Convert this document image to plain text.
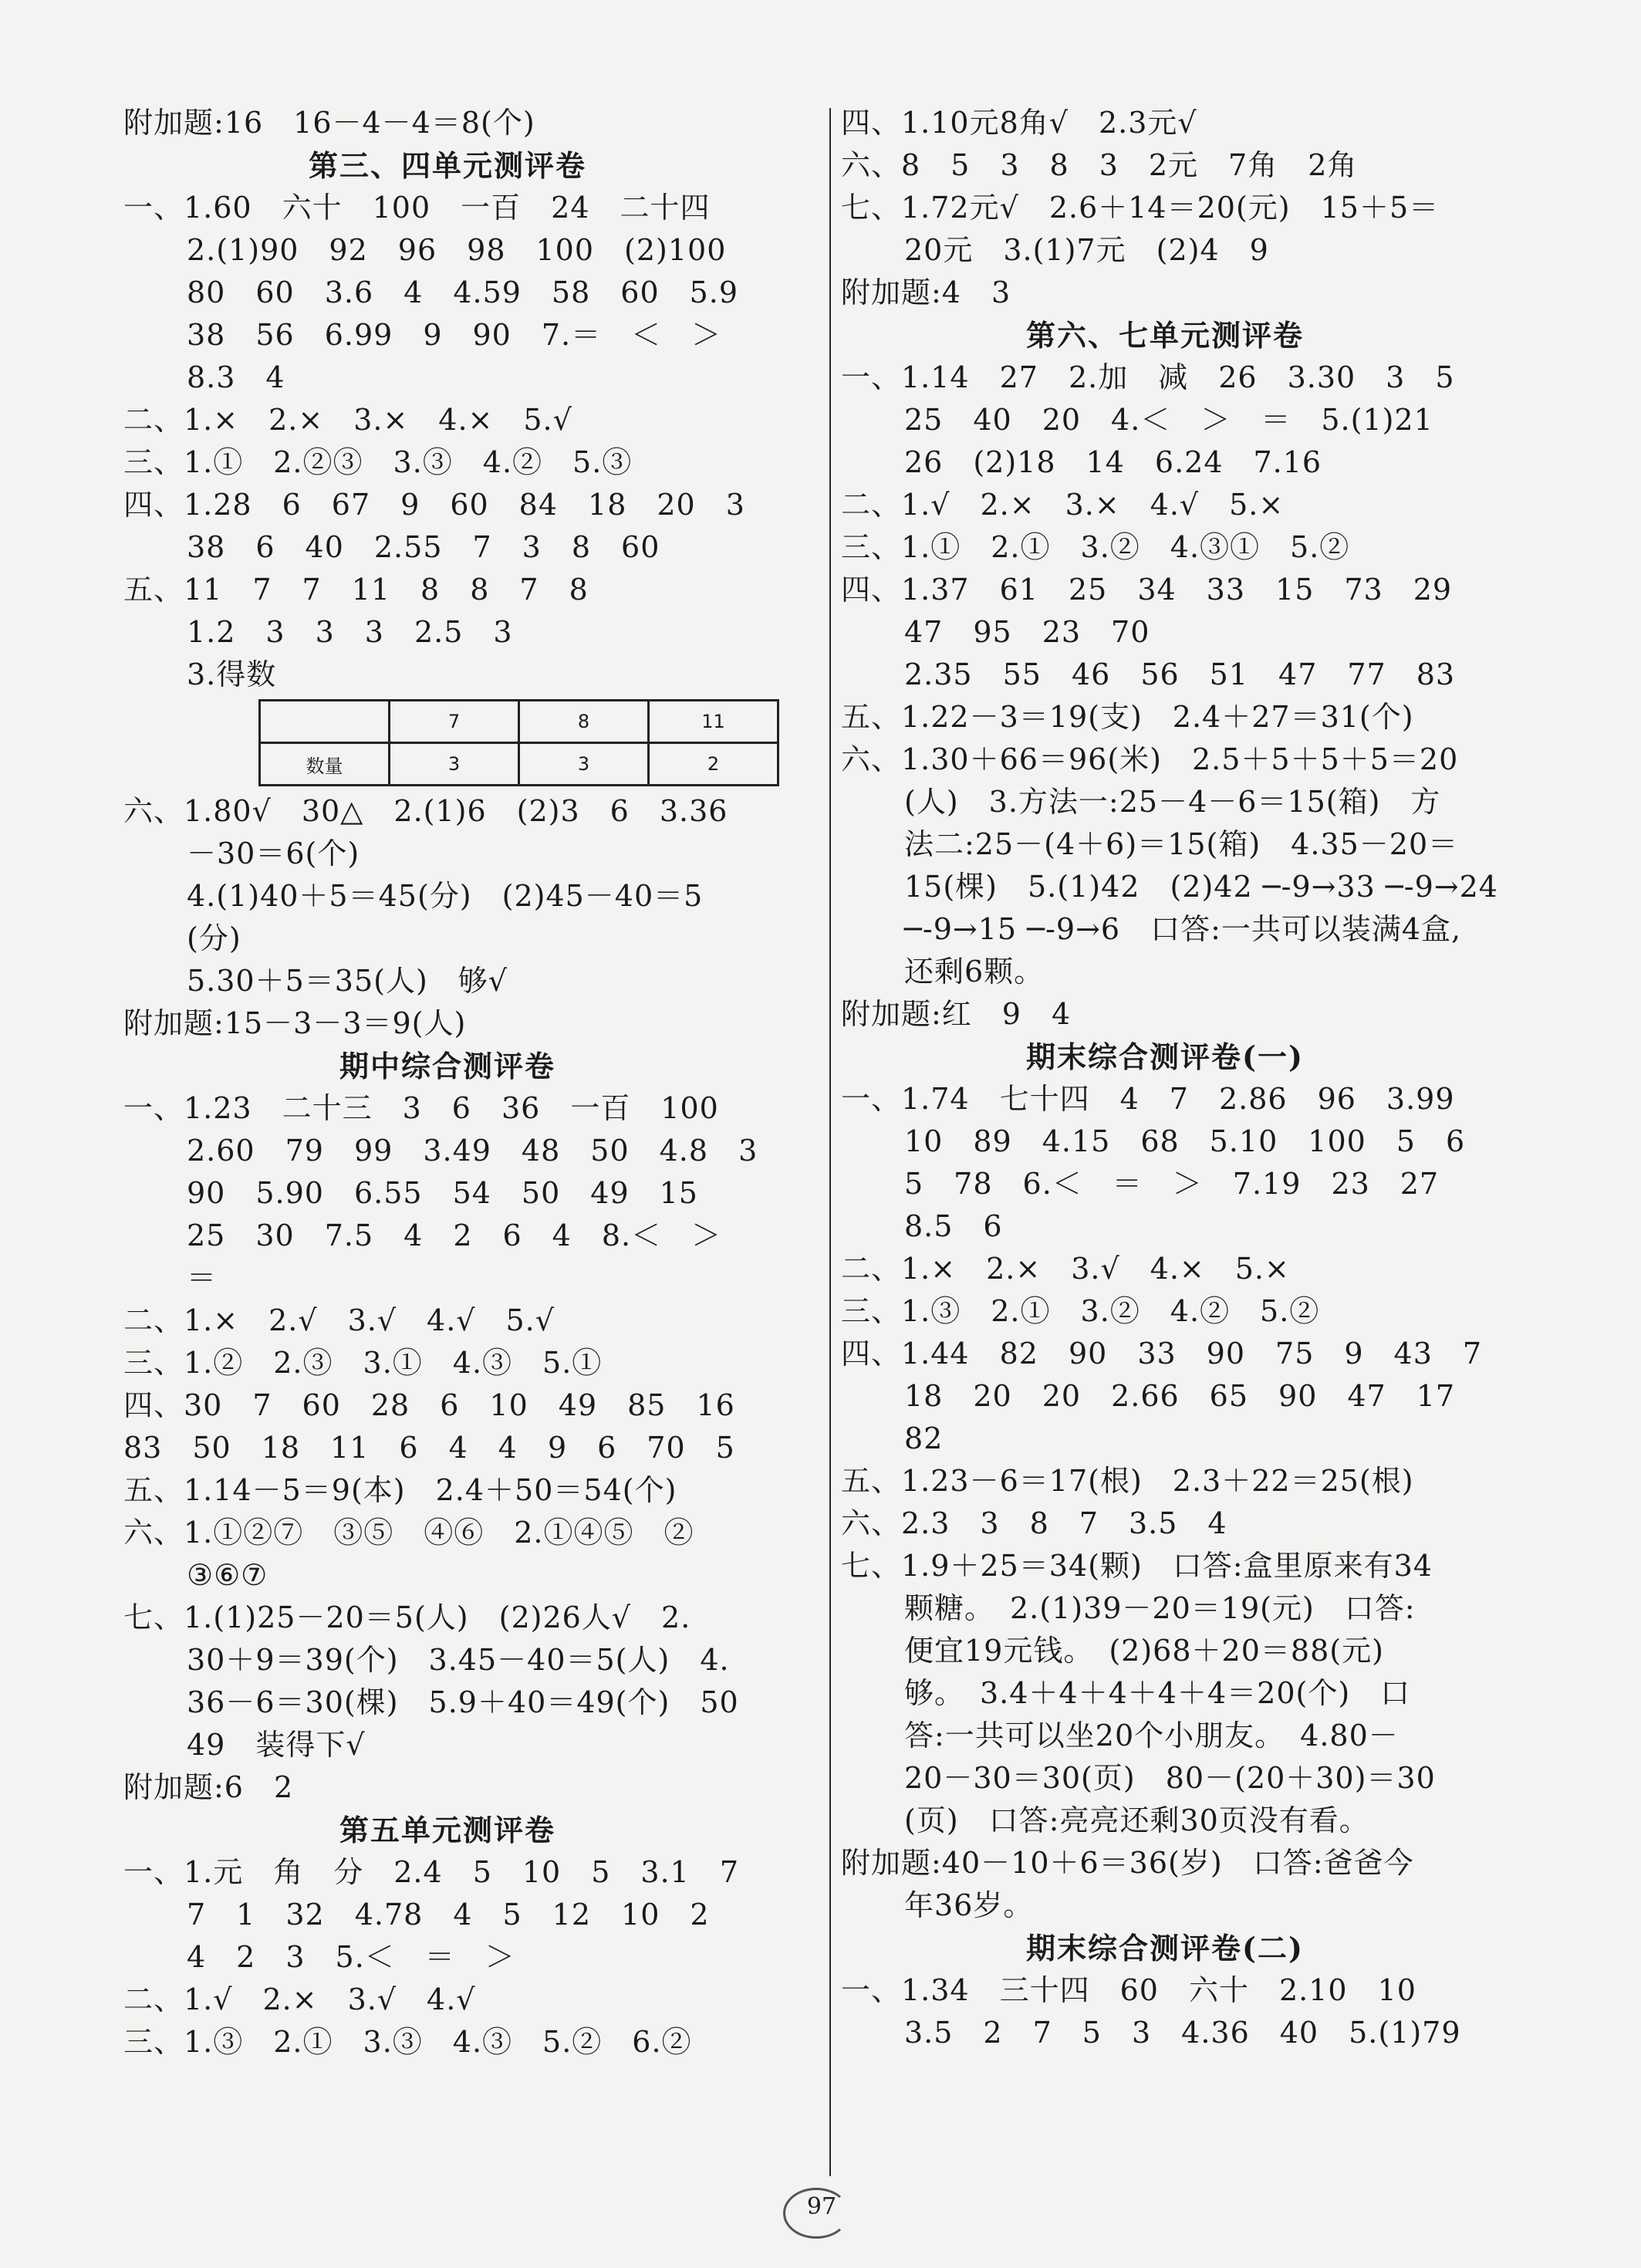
附加题:16　16－4－4＝8(个)
第三、四单元测评卷
一、1.60　六十　100　一百　24　二十四
2.(1)90　92　96　98　100　(2)100
80　60　3.6　4　4.59　58　60　5.9
38　56　6.99　9　90　7.＝　＜　＞
8.3　4
二、1.×　2.×　3.×　4.×　5.√
三、1.①　2.②③　3.③　4.②　5.③
四、1.28　6　67　9　60　84　18　20　3
38　6　40　2.55　7　3　8　60
五、11　7　7　11　8　8　7　8
1.2　3　3　3　2.5　3
3.得数
	7	8	11
数量	3	3	2
六、1.80√　30△　2.(1)6　(2)3　6　3.36
－30＝6(个)
4.(1)40＋5＝45(分)　(2)45－40＝5
(分)
5.30＋5＝35(人)　够√
附加题:15－3－3＝9(人)
期中综合测评卷
一、1.23　二十三　3　6　36　一百　100
2.60　79　99　3.49　48　50　4.8　3
90　5.90　6.55　54　50　49　15
25　30　7.5　4　2　6　4　8.＜　＞
＝
二、1.×　2.√　3.√　4.√　5.√
三、1.②　2.③　3.①　4.③　5.①
四、30　7　60　28　6　10　49　85　16
83　50　18　11　6　4　4　9　6　70　5
五、1.14－5＝9(本)　2.4＋50＝54(个)
六、1.①②⑦　③⑤　④⑥　2.①④⑤　②
③⑥⑦
七、1.(1)25－20＝5(人)　(2)26人√　2.
30＋9＝39(个)　3.45－40＝5(人)　4.
36－6＝30(棵)　5.9＋40＝49(个)　50
49　装得下√
附加题:6　2
第五单元测评卷
一、1.元　角　分　2.4　5　10　5　3.1　7
7　1　32　4.78　4　5　12　10　2
4　2　3　5.＜　＝　＞
二、1.√　2.×　3.√　4.√
三、1.③　2.①　3.③　4.③　5.②　6.②
四、1.10元8角√　2.3元√
六、8　5　3　8　3　2元　7角　2角
七、1.72元√　2.6＋14＝20(元)　15＋5＝
20元　3.(1)7元　(2)4　9
附加题:4　3
第六、七单元测评卷
一、1.14　27　2.加　减　26　3.30　3　5
25　40　20　4.＜　＞　＝　5.(1)21
26　(2)18　14　6.24　7.16
二、1.√　2.×　3.×　4.√　5.×
三、1.①　2.①　3.②　4.③①　5.②
四、1.37　61　25　34　33　15　73　29
47　95　23　70
2.35　55　46　56　51　47　77　83
五、1.22－3＝19(支)　2.4＋27＝31(个)
六、1.30＋66＝96(米)　2.5＋5＋5＋5＝20
(人)　3.方法一:25－4－6＝15(箱)　方
法二:25－(4＋6)＝15(箱)　4.35－20＝
15(棵)　5.(1)42　(2)42 ─-9→33 ─-9→24
─-9→15 ─-9→6　口答:一共可以装满4盒,
还剩6颗。
附加题:红　9　4
期末综合测评卷(一)
一、1.74　七十四　4　7　2.86　96　3.99
10　89　4.15　68　5.10　100　5　6
5　78　6.＜　＝　＞　7.19　23　27
8.5　6
二、1.×　2.×　3.√　4.×　5.×
三、1.③　2.①　3.②　4.②　5.②
四、1.44　82　90　33　90　75　9　43　7
18　20　20　2.66　65　90　47　17
82
五、1.23－6＝17(根)　2.3＋22＝25(根)
六、2.3　3　8　7　3.5　4
七、1.9＋25＝34(颗)　口答:盒里原来有34
颗糖。　2.(1)39－20＝19(元)　口答:
便宜19元钱。　(2)68＋20＝88(元)
够。　3.4＋4＋4＋4＋4＝20(个)　口
答:一共可以坐20个小朋友。　4.80－
20－30＝30(页)　80－(20＋30)＝30
(页)　口答:亮亮还剩30页没有看。
附加题:40－10＋6＝36(岁)　口答:爸爸今
年36岁。
期末综合测评卷(二)
一、1.34　三十四　60　六十　2.10　10
3.5　2　7　5　3　4.36　40　5.(1)79
97
